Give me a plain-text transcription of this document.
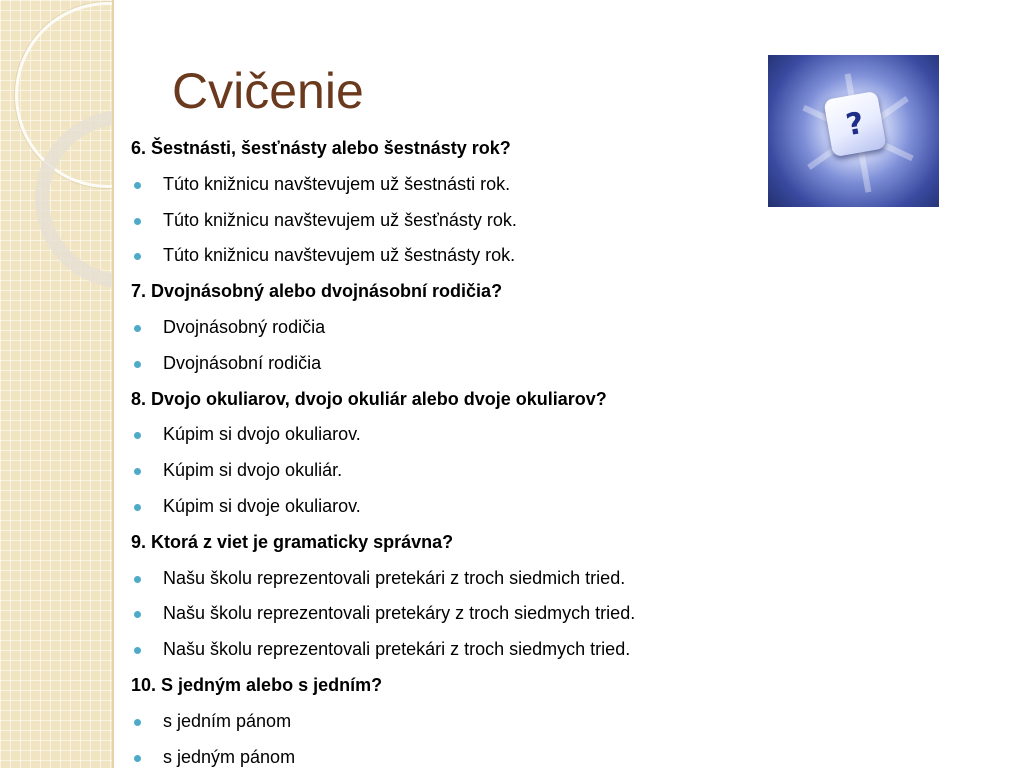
Cvičenie
?
6. Šestnásti, šesťnásty alebo šestnásty rok?
Túto knižnicu navštevujem už šestnásti rok.
Túto knižnicu navštevujem už šesťnásty rok.
Túto knižnicu navštevujem už šestnásty rok.
7. Dvojnásobný alebo dvojnásobní rodičia?
Dvojnásobný rodičia
Dvojnásobní rodičia
8. Dvojo okuliarov, dvojo okuliár alebo dvoje okuliarov?
Kúpim si dvojo okuliarov.
Kúpim si dvojo okuliár.
Kúpim si dvoje okuliarov.
9. Ktorá z viet je gramaticky správna?
Našu školu reprezentovali pretekári z troch siedmich tried.
Našu školu reprezentovali pretekáry z troch siedmych tried.
Našu školu reprezentovali pretekári z troch siedmych tried.
10. S jedným alebo s jedním?
s jedním pánom
s jedným pánom
